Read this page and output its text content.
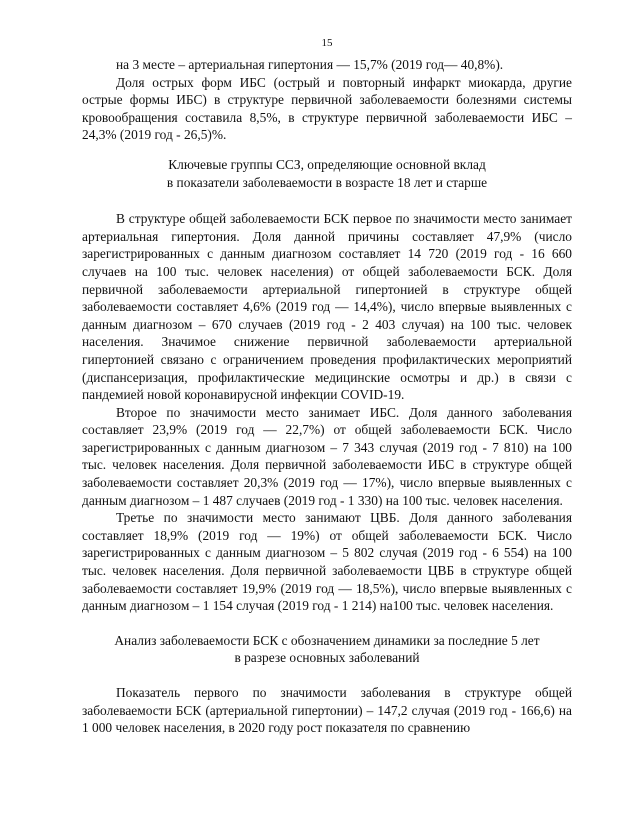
15

на 3 месте – артериальная гипертония — 15,7% (2019 год— 40,8%).

Доля острых форм ИБС (острый и повторный инфаркт миокарда, другие острые формы ИБС) в структуре первичной заболеваемости болезнями системы кровообращения составила 8,5%, в структуре первичной заболеваемости ИБС –24,3% (2019 год - 26,5)%.

Ключевые группы ССЗ, определяющие основной вклад
в показатели заболеваемости в возрасте 18 лет и старше

В структуре общей заболеваемости БСК первое по значимости место занимает артериальная гипертония. Доля данной причины составляет 47,9% (число зарегистрированных с данным диагнозом составляет 14 720 (2019 год - 16 660 случаев на 100 тыс. человек населения) от общей заболеваемости БСК. Доля первичной заболеваемости артериальной гипертонией в структуре общей заболеваемости составляет 4,6% (2019 год — 14,4%), число впервые выявленных с данным диагнозом – 670 случаев (2019 год - 2 403 случая) на 100 тыс. человек населения. Значимое снижение первичной заболеваемости артериальной гипертонией связано с ограничением проведения профилактических мероприятий (диспансеризация, профилактические медицинские осмотры и др.) в связи с пандемией новой коронавирусной инфекции COVID-19.

Второе по значимости место занимает ИБС. Доля данного заболевания составляет 23,9% (2019 год — 22,7%) от общей заболеваемости БСК. Число зарегистрированных с данным диагнозом – 7 343 случая (2019 год - 7 810) на 100 тыс. человек населения. Доля первичной заболеваемости ИБС в структуре общей заболеваемости составляет 20,3% (2019 год — 17%), число впервые выявленных с данным диагнозом – 1 487 случаев (2019 год - 1 330) на 100 тыс. человек населения.

Третье по значимости место занимают ЦВБ. Доля данного заболевания составляет 18,9% (2019 год — 19%) от общей заболеваемости БСК. Число зарегистрированных с данным диагнозом – 5 802 случая (2019 год - 6 554) на 100 тыс. человек населения. Доля первичной заболеваемости ЦВБ в структуре общей заболеваемости составляет 19,9% (2019 год — 18,5%), число впервые выявленных с данным диагнозом – 1 154 случая (2019 год - 1 214) на100 тыс. человек населения.

Анализ заболеваемости БСК с обозначением динамики за последние 5 лет
в разрезе основных заболеваний

Показатель первого по значимости заболевания в структуре общей заболеваемости БСК (артериальной гипертонии) – 147,2 случая (2019 год - 166,6) на 1 000 человек населения, в 2020 году рост показателя по сравнению
